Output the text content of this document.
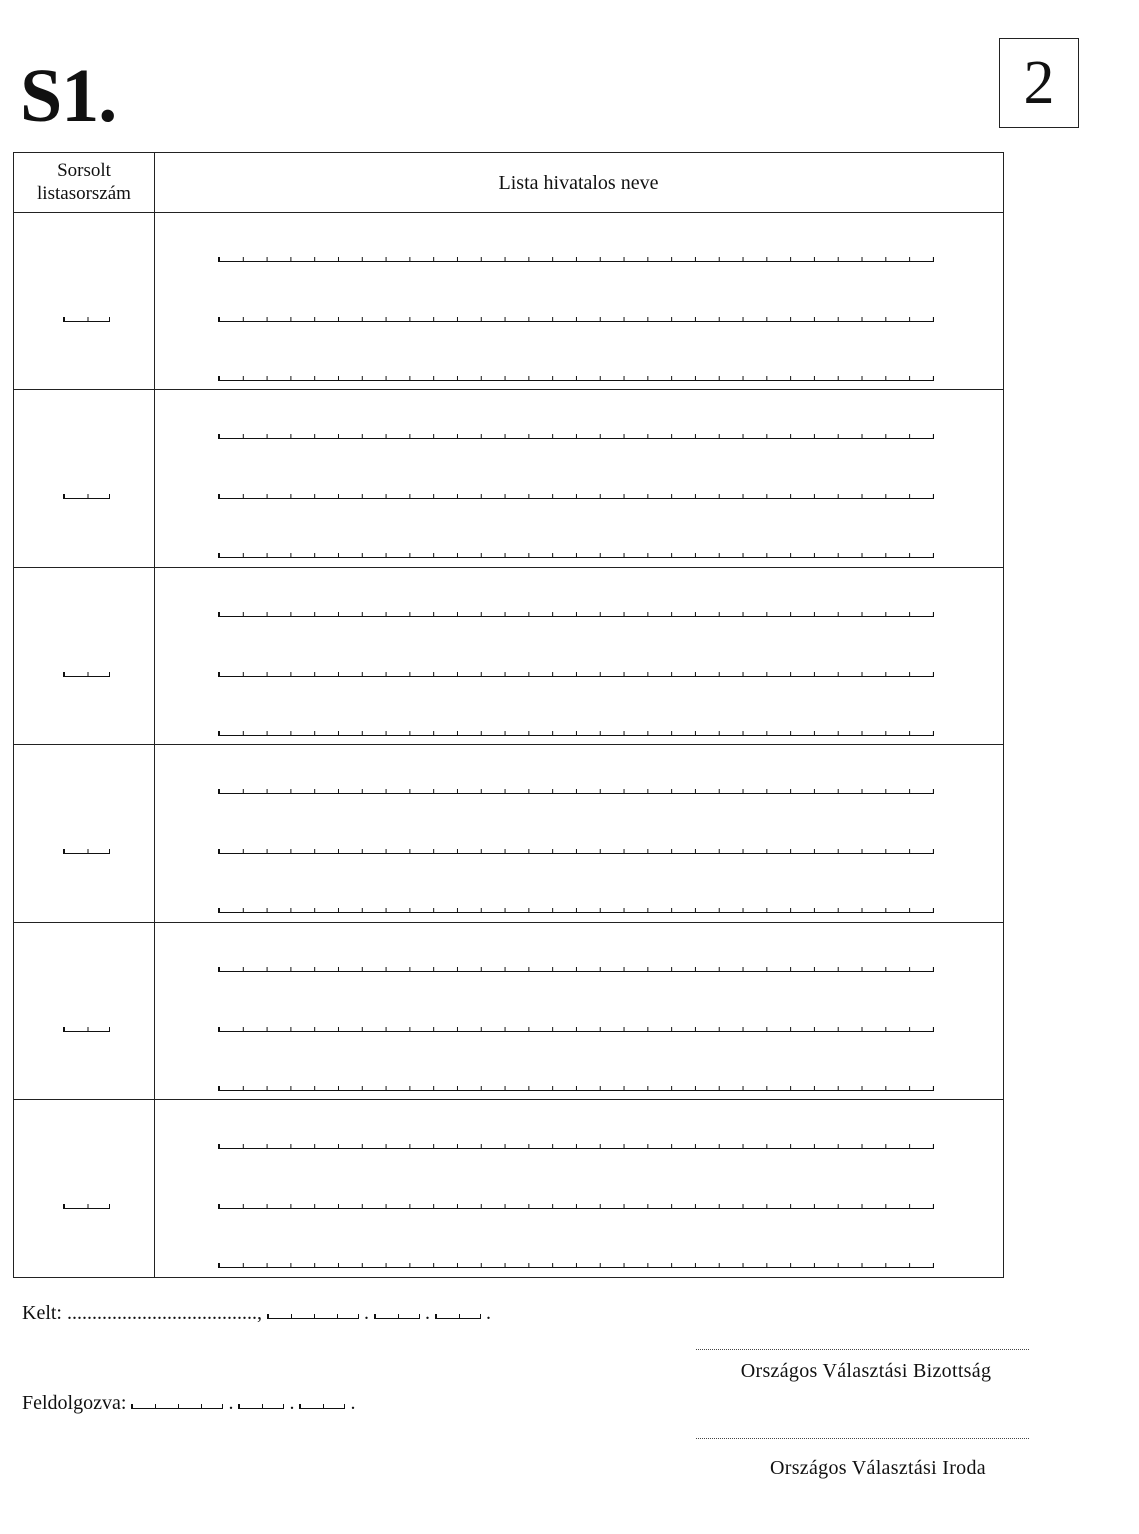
S1.	2
Sorsolt
listasorszám	Lista hivatalos neve
Kelt: ......................................,	.  .  .
Országos Választási Bizottság
Feldolgozva:	.  .  .
Országos Választási Iroda
